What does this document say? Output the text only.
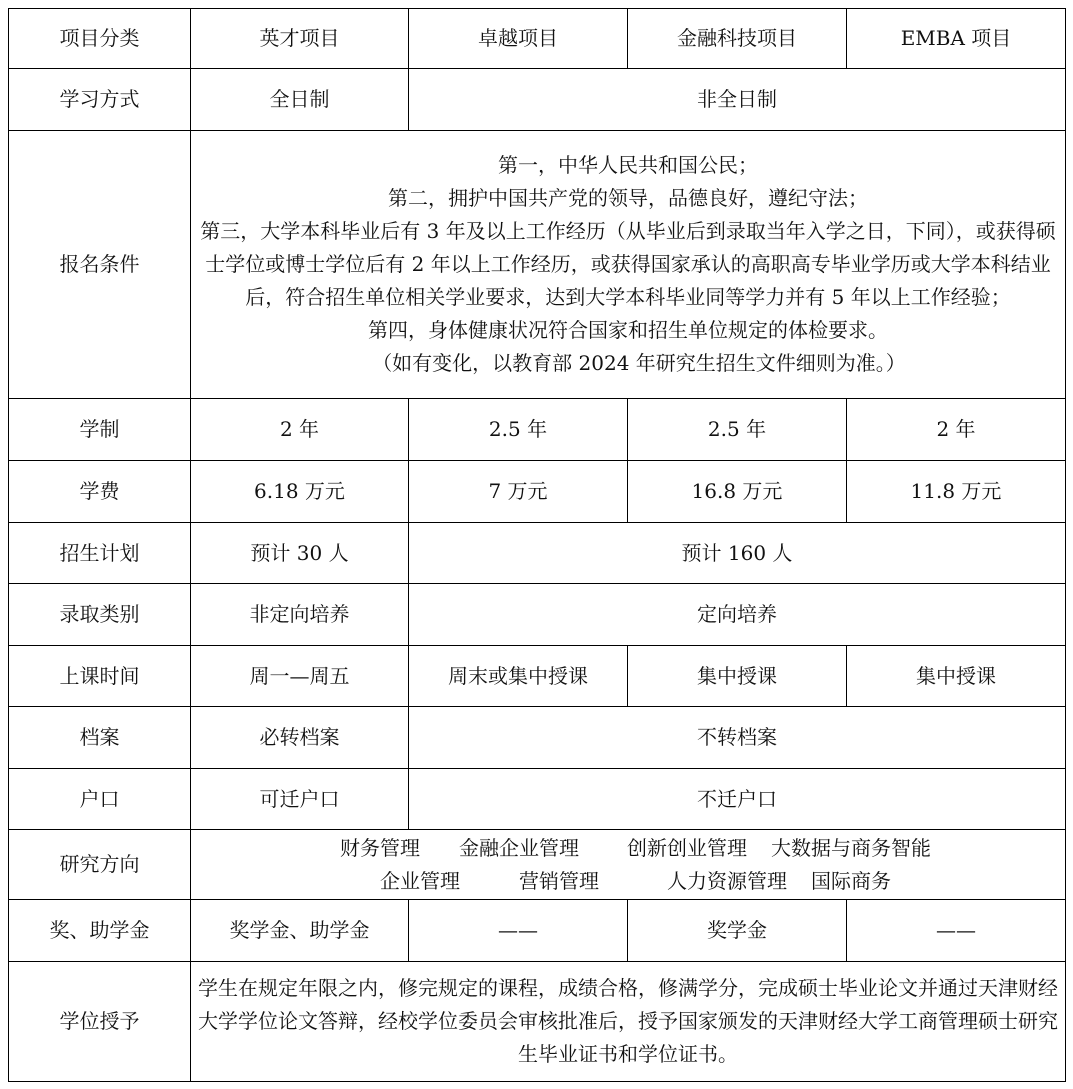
项目分类	英才项目	卓越项目	金融科技项目	EMBA 项目
学习方式	全日制	非全日制		
报名条件	第一，中华人民共和国公民；

第二，拥护中国共产党的领导，品德良好，遵纪守法；

第三，大学本科毕业后有 3 年及以上工作经历（从毕业后到录取当年入学之日，下同），或获得硕士学位或博士学位后有 2 年以上工作经历，或获得国家承认的高职高专毕业学历或大学本科结业后，符合招生单位相关学业要求，达到大学本科毕业同等学力并有 5 年以上工作经验；

第四，身体健康状况符合国家和招生单位规定的体检要求。

（如有变化，以教育部 2024 年研究生招生文件细则为准。）			

学制	2 年	2.5 年	2.5 年	2 年
学费	6.18 万元	7 万元	16.8 万元	11.8 万元
招生计划	预计 30 人	预计 160 人		
录取类别	非定向培养	定向培养		
上课时间	周一—周五	周末或集中授课	集中授课	集中授课
档案	必转档案	不转档案		
户口	可迁户口	不迁户口		
研究方向	财务管理 金融企业管理 创新创业管理 大数据与商务智能
企业管理 营销管理 人力资源管理 国际商务			

奖、助学金	奖学金、助学金	——	奖学金	——
学位授予	学生在规定年限之内，修完规定的课程，成绩合格，修满学分，完成硕士毕业论文并通过天津财经大学学位论文答辩，经校学位委员会审核批准后，授予国家颁发的天津财经大学工商管理硕士研究生毕业证书和学位证书。			
